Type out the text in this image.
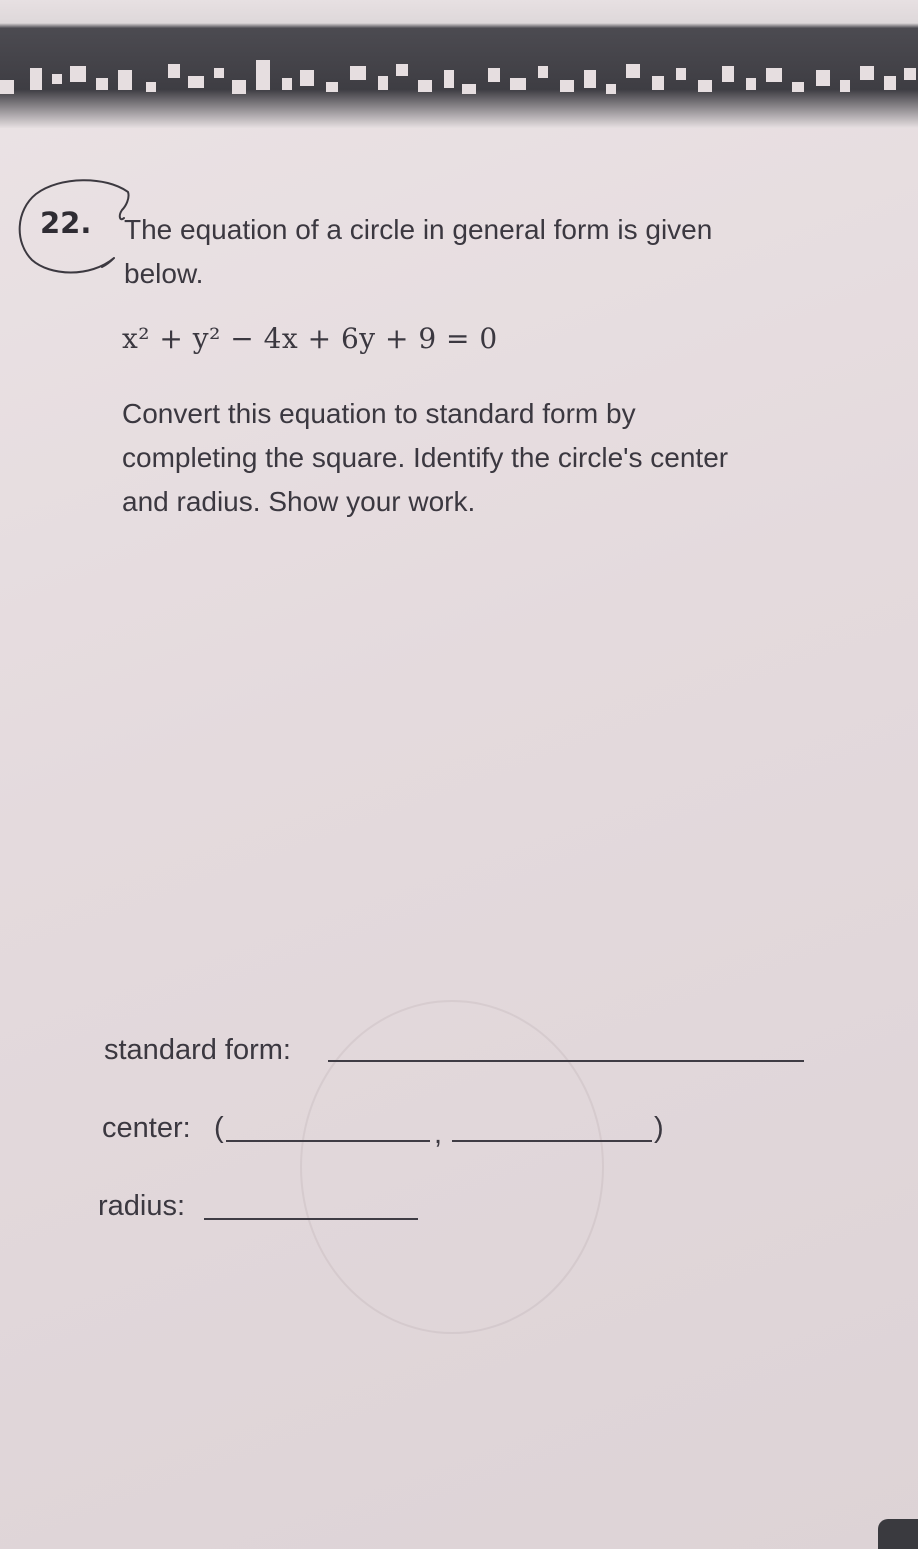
22. The equation of a circle in general form is given below.
x² + y² − 4x + 6y + 9 = 0
Convert this equation to standard form by completing the square. Identify the circle's center and radius. Show your work.
standard form:
center: (	,	)
radius:
